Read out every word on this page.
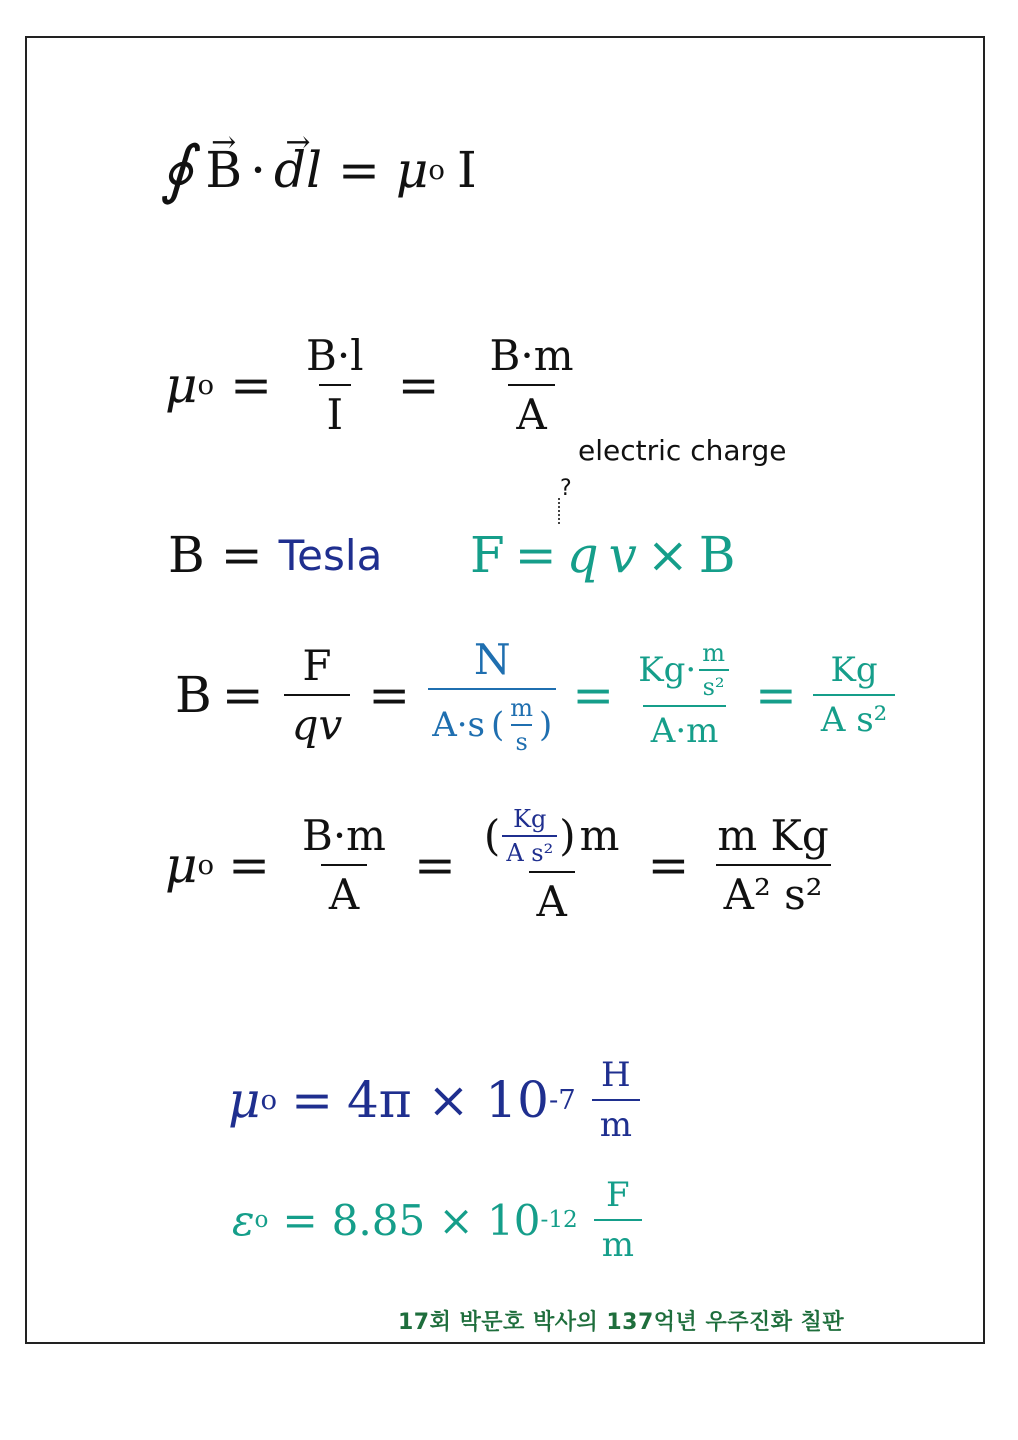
∮ → B · → dl = μ o I
μ $o = \frac{B\cdot l}{I} = \frac{B\cdot m}{A}$
electric charge
?
B = Tesla F = q v × B
$B = \frac{F}{qv} = \frac{N}{A\cdot s ( \frac{m}{s} )} = \frac{Kg\cdot \frac{m}{\text{s²}}}{A\cdot m} = \frac{Kg}{\text{A s²}}$
μ $o = \frac{B\cdot m}{A} = \frac{( \frac{Kg}{\text{A s²}} ) m}{A} = \frac{\text{m Kg}}{\text{A² s²}}$
μ o = 4π × 10 $-7 \frac{H}{m}$
ε o = 8.85 × 10 $-12 \frac{F}{m}$
17회 박문호 박사의 137억년 우주진화 칠판
